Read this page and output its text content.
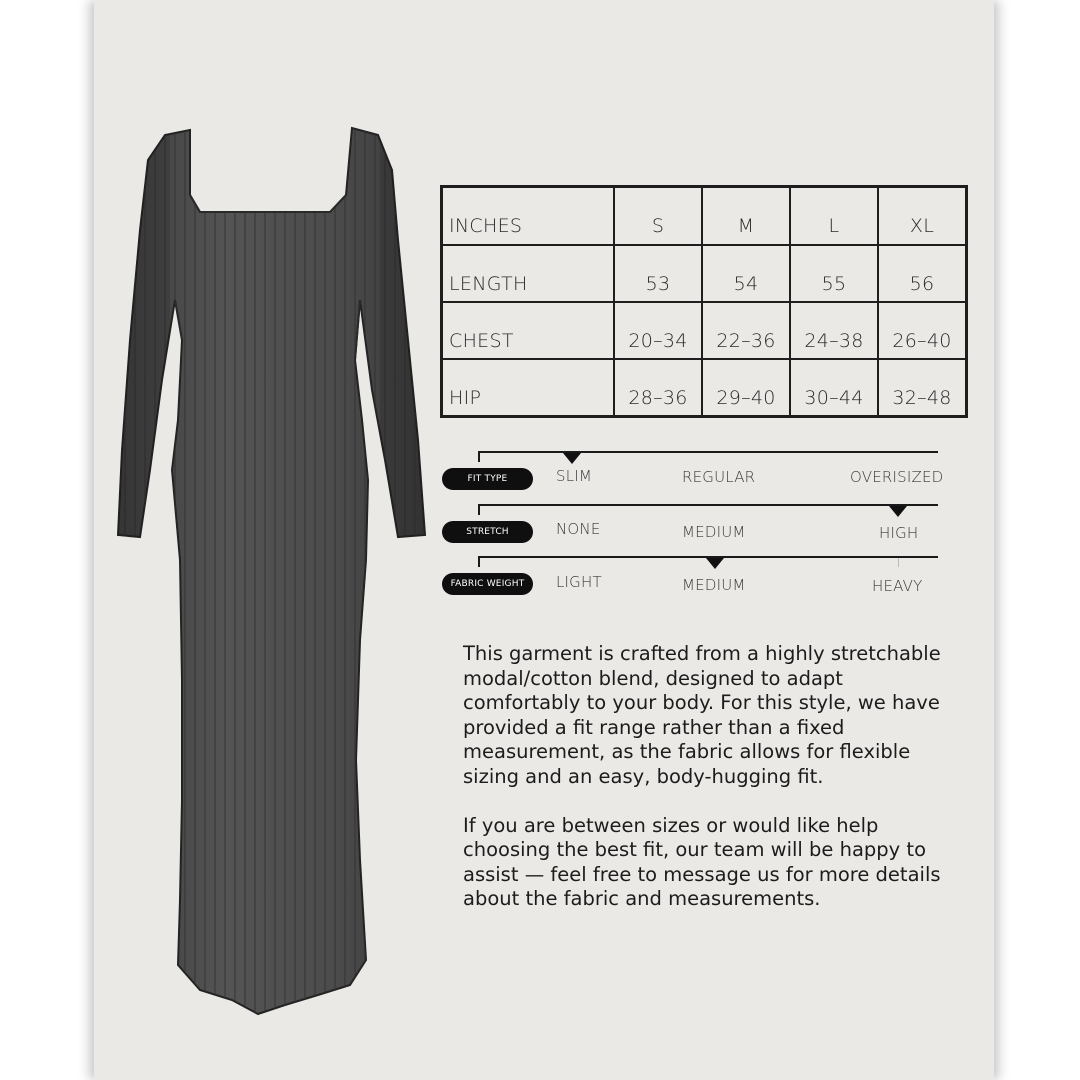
INCHES	S	M	L	XL
LENGTH	53	54	55	56
CHEST	20–34	22–36	24–38	26–40
HIP	28–36	29–40	30–44	32–48
FIT TYPE	SLIM	REGULAR	OVERISIZED
STRETCH	NONE	MEDIUM	HIGH
FABRIC WEIGHT	LIGHT	MEDIUM	HEAVY

This garment is crafted from a highly stretchable modal/cotton blend, designed to adapt comfortably to your body. For this style, we have provided a fit range rather than a fixed measurement, as the fabric allows for flexible sizing and an easy, body-hugging fit.

If you are between sizes or would like help choosing the best fit, our team will be happy to assist — feel free to message us for more details about the fabric and measurements.
